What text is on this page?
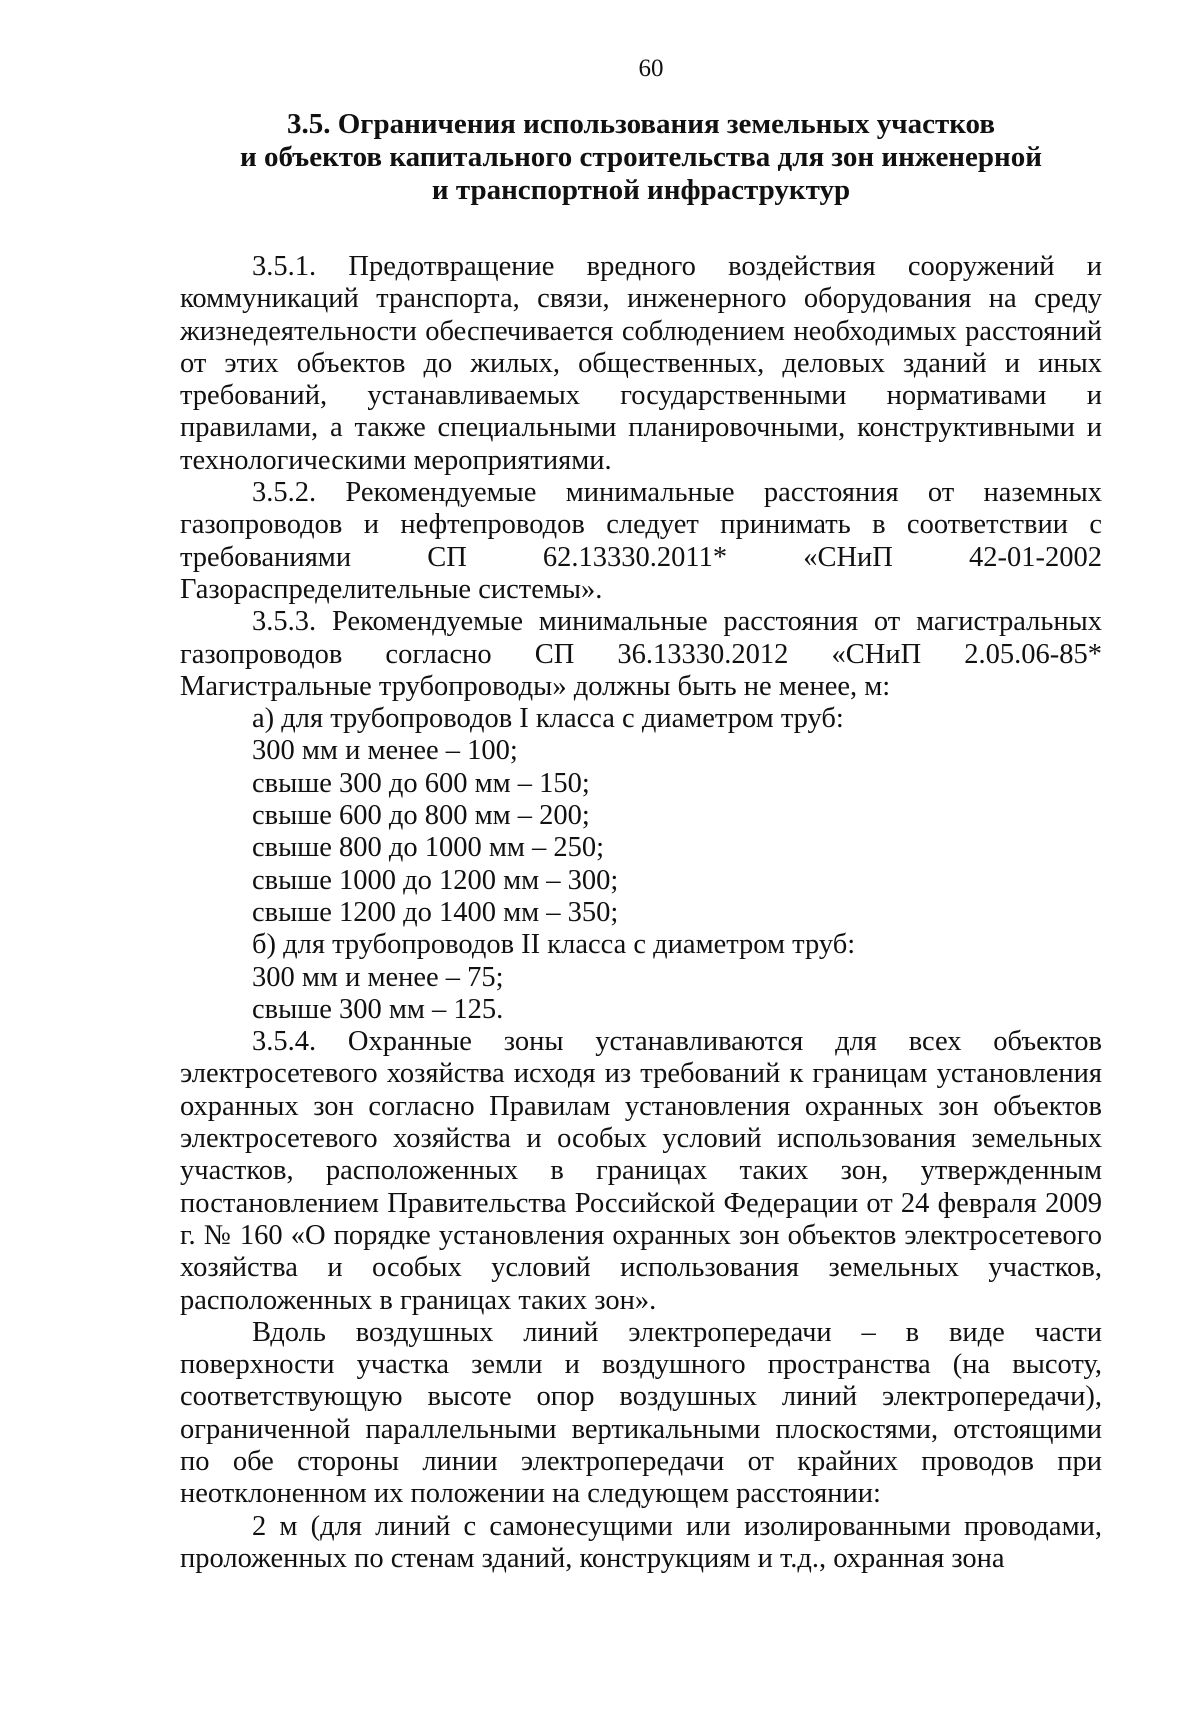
60
3.5. Ограничения использования земельных участков
и объектов капитального строительства для зон инженерной
и транспортной инфраструктур

3.5.1. Предотвращение вредного воздействия сооружений и коммуникаций транспорта, связи, инженерного оборудования на среду жизнедеятельности обеспечивается соблюдением необходимых расстояний от этих объектов до жилых, общественных, деловых зданий и иных требований, устанавливаемых государственными нормативами и правилами, а также специальными планировочными, конструктивными и технологическими мероприятиями.

3.5.2. Рекомендуемые минимальные расстояния от наземных газопроводов и нефтепроводов следует принимать в соответствии с требованиями СП 62.13330.2011* «СНиП 42-01-2002 Газораспределительные системы».

3.5.3. Рекомендуемые минимальные расстояния от магистральных газопроводов согласно СП 36.13330.2012 «СНиП 2.05.06-85* Магистральные трубопроводы» должны быть не менее, м:

а) для трубопроводов I класса с диаметром труб:

300 мм и менее – 100;

свыше 300 до 600 мм – 150;

свыше 600 до 800 мм – 200;

свыше 800 до 1000 мм – 250;

свыше 1000 до 1200 мм – 300;

свыше 1200 до 1400 мм – 350;

б) для трубопроводов II класса с диаметром труб:

300 мм и менее – 75;

свыше 300 мм – 125.

3.5.4. Охранные зоны устанавливаются для всех объектов электросетевого хозяйства исходя из требований к границам установления охранных зон согласно Правилам установления охранных зон объектов электросетевого хозяйства и особых условий использования земельных участков, расположенных в границах таких зон, утвержденным постановлением Правительства Российской Федерации от 24 февраля 2009 г. № 160 «О порядке установления охранных зон объектов электросетевого хозяйства и особых условий использования земельных участков, расположенных в границах таких зон».

Вдоль воздушных линий электропередачи – в виде части поверхности участка земли и воздушного пространства (на высоту, соответствующую высоте опор воздушных линий электропередачи), ограниченной параллельными вертикальными плоскостями, отстоящими по обе стороны линии электропередачи от крайних проводов при неотклоненном их положении на следующем расстоянии:

2 м (для линий с самонесущими или изолированными проводами, проложенных по стенам зданий, конструкциям и т.д., охранная зона
